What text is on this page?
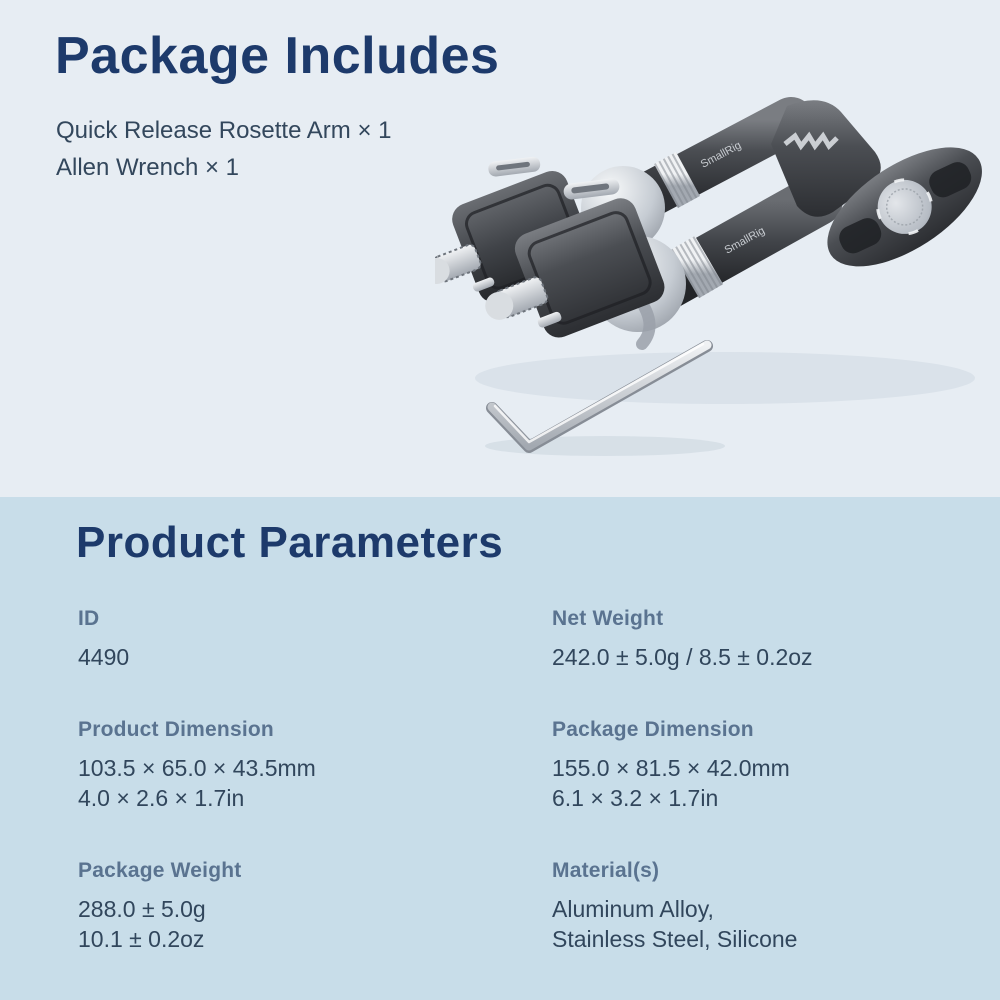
Package Includes

Quick Release Rosette Arm × 1

Allen Wrench × 1	SmallRig
SmallRig
Product Parameters
ID
4490
Net Weight
242.0 ± 5.0g / 8.5 ± 0.2oz
Product Dimension
103.5 × 65.0 × 43.5mm
4.0 × 2.6 × 1.7in
Package Dimension
155.0 × 81.5 × 42.0mm
6.1 × 3.2 × 1.7in
Package Weight
288.0 ± 5.0g
10.1 ± 0.2oz
Material(s)
Aluminum Alloy,
Stainless Steel, Silicone
